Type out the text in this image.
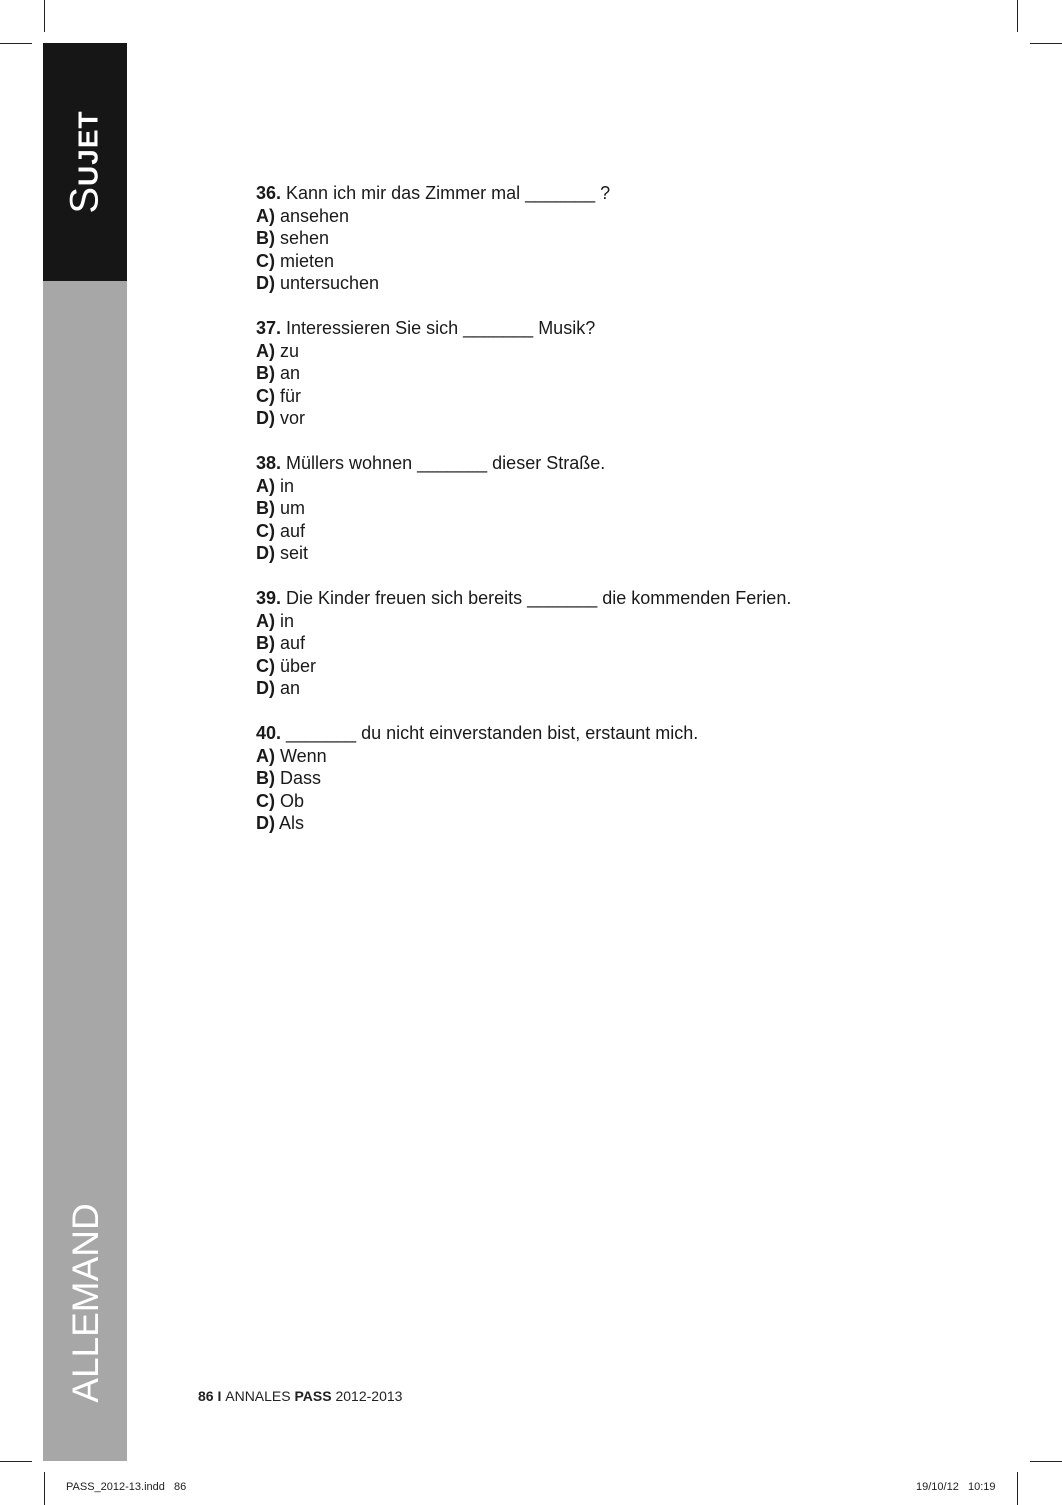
SUJET
ALLEMAND
36. Kann ich mir das Zimmer mal _______ ?
A) ansehen
B) sehen
C) mieten
D) untersuchen
37. Interessieren Sie sich _______ Musik?
A) zu
B) an
C) für
D) vor
38. Müllers wohnen _______ dieser Straße.
A) in
B) um
C) auf
D) seit
39. Die Kinder freuen sich bereits _______ die kommenden Ferien.
A) in
B) auf
C) über
D) an
40. _______ du nicht einverstanden bist, erstaunt mich.
A) Wenn
B) Dass
C) Ob
D) Als
86 I ANNALES PASS 2012-2013
PASS_2012-13.indd   86	19/10/12   10:19
